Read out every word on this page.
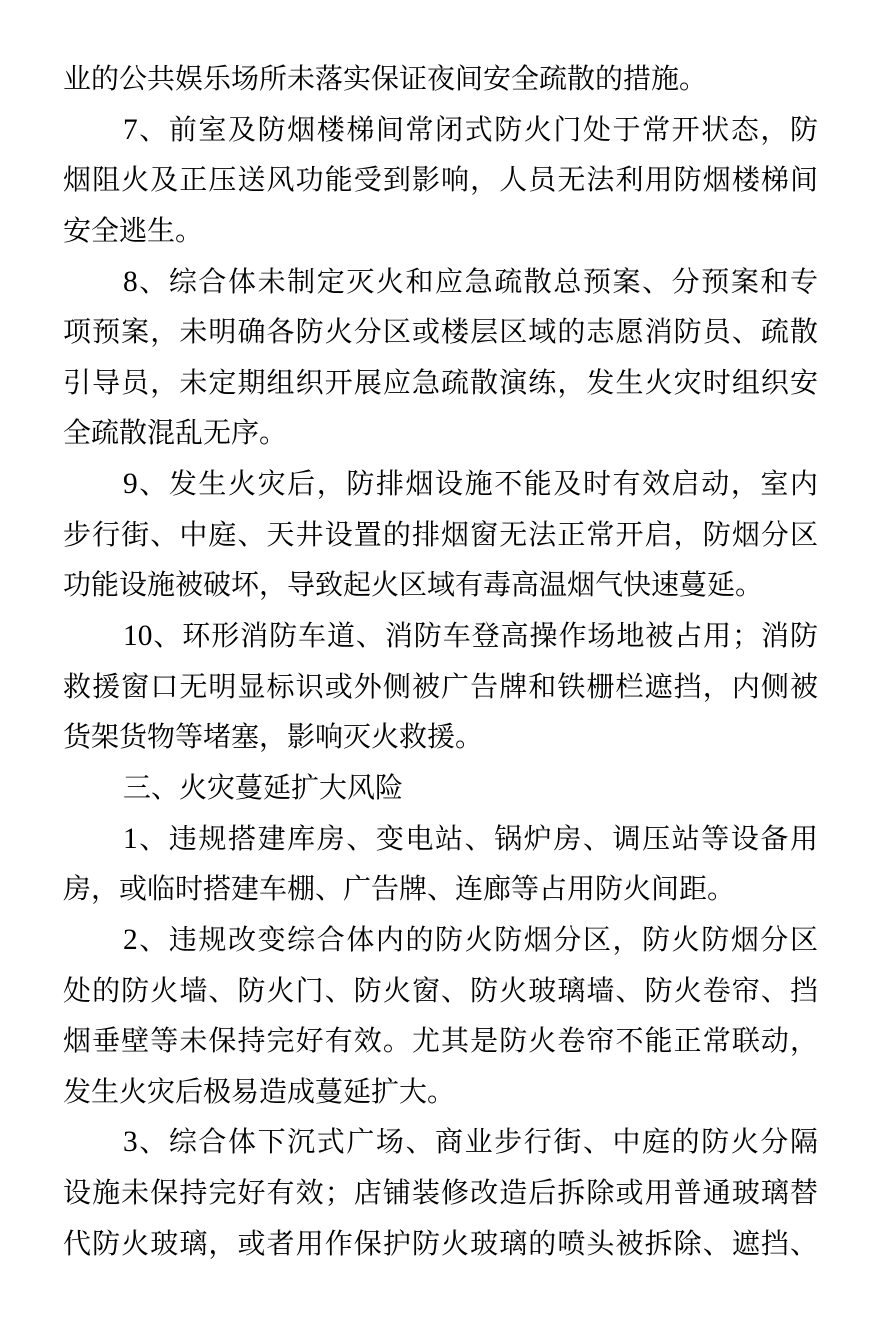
业的公共娱乐场所未落实保证夜间安全疏散的措施。
7、前室及防烟楼梯间常闭式防火门处于常开状态，防
烟阻火及正压送风功能受到影响，人员无法利用防烟楼梯间
安全逃生。
8、综合体未制定灭火和应急疏散总预案、分预案和专
项预案，未明确各防火分区或楼层区域的志愿消防员、疏散
引导员，未定期组织开展应急疏散演练，发生火灾时组织安
全疏散混乱无序。
9、发生火灾后，防排烟设施不能及时有效启动，室内
步行街、中庭、天井设置的排烟窗无法正常开启，防烟分区
功能设施被破坏，导致起火区域有毒高温烟气快速蔓延。
10、环形消防车道、消防车登高操作场地被占用；消防
救援窗口无明显标识或外侧被广告牌和铁栅栏遮挡，内侧被
货架货物等堵塞，影响灭火救援。
三、火灾蔓延扩大风险
1、违规搭建库房、变电站、锅炉房、调压站等设备用
房，或临时搭建车棚、广告牌、连廊等占用防火间距。
2、违规改变综合体内的防火防烟分区，防火防烟分区
处的防火墙、防火门、防火窗、防火玻璃墙、防火卷帘、挡
烟垂壁等未保持完好有效。尤其是防火卷帘不能正常联动，
发生火灾后极易造成蔓延扩大。
3、综合体下沉式广场、商业步行街、中庭的防火分隔
设施未保持完好有效；店铺装修改造后拆除或用普通玻璃替
代防火玻璃，或者用作保护防火玻璃的喷头被拆除、遮挡、
